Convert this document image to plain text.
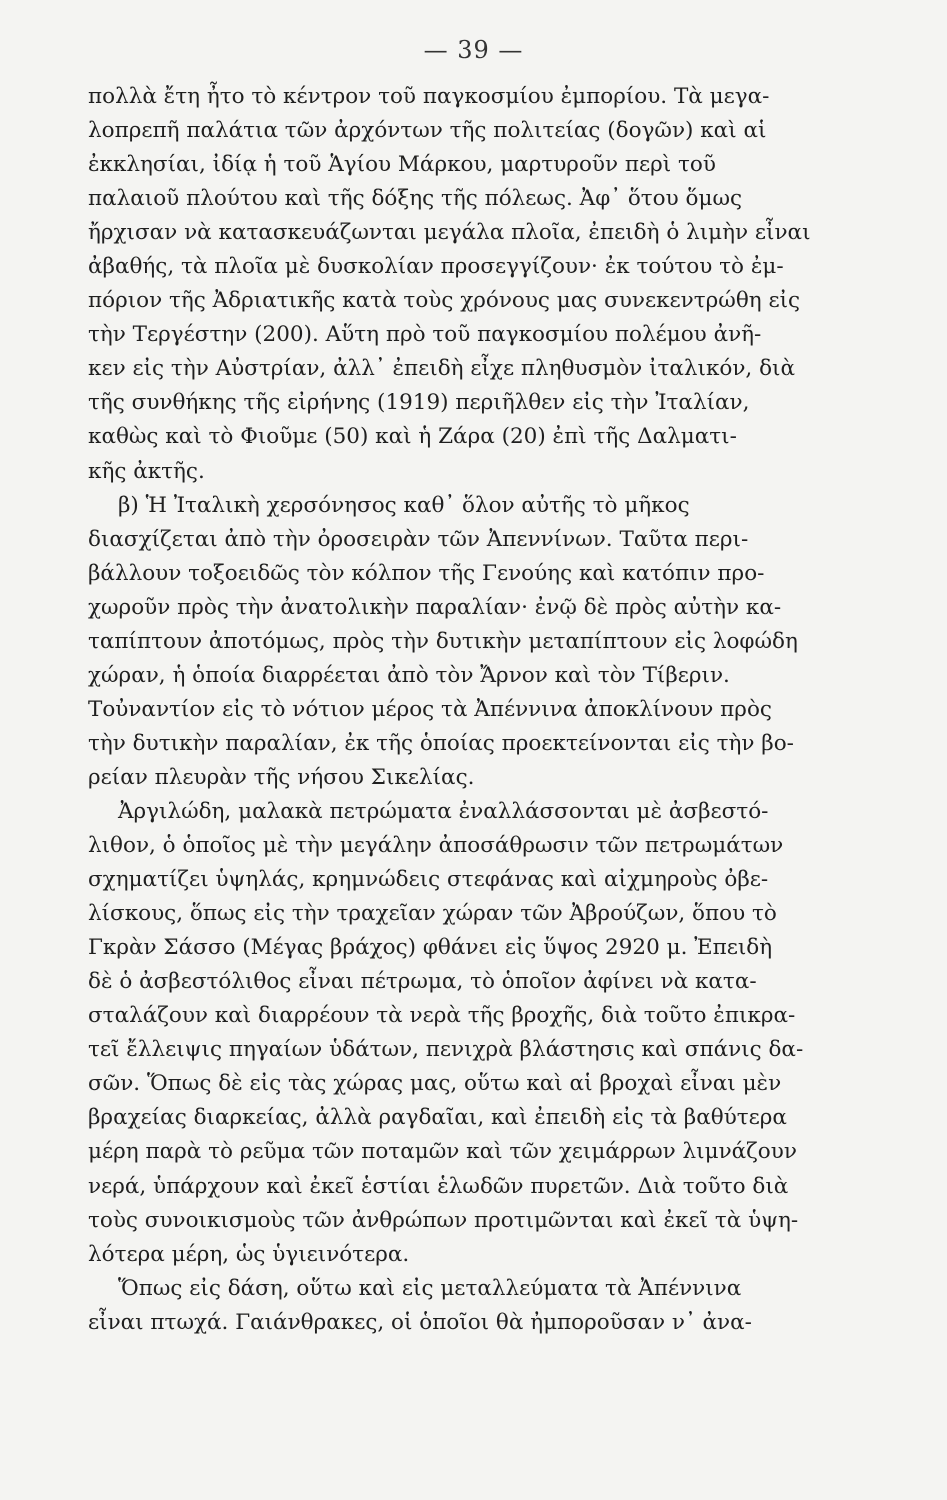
— 39 —

πολλὰ ἔτη ἦτο τὸ κέντρον τοῦ παγκοσμίου ἐμπορίου. Τὰ μεγα-
λοπρεπῆ παλάτια τῶν ἀρχόντων τῆς πολιτείας (δογῶν) καὶ αἱ
ἐκκλησίαι, ἰδίᾳ ἡ τοῦ Ἁγίου Μάρκου, μαρτυροῦν περὶ τοῦ
παλαιοῦ πλούτου καὶ τῆς δόξης τῆς πόλεως. Ἀφ᾽ ὅτου ὅμως
ἤρχισαν νὰ κατασκευάζωνται μεγάλα πλοῖα, ἐπειδὴ ὁ λιμὴν εἶναι
ἀβαθής, τὰ πλοῖα μὲ δυσκολίαν προσεγγίζουν· ἐκ τούτου τὸ ἐμ-
πόριον τῆς Ἀδριατικῆς κατὰ τοὺς χρόνους μας συνεκεντρώθη εἰς
τὴν Τεργέστην (200). Αὕτη πρὸ τοῦ παγκοσμίου πολέμου ἀνῆ-
κεν εἰς τὴν Αὐστρίαν, ἀλλ᾽ ἐπειδὴ εἶχε πληθυσμὸν ἰταλικόν, διὰ
τῆς συνθήκης τῆς εἰρήνης (1919) περιῆλθεν εἰς τὴν Ἰταλίαν,
καθὼς καὶ τὸ Φιοῦμε (50) καὶ ἡ Ζάρα (20) ἐπὶ τῆς Δαλματι-
κῆς ἀκτῆς.

β) Ἡ Ἰταλικὴ χερσόνησος καθ᾽ ὅλον αὐτῆς τὸ μῆκος
διασχίζεται ἀπὸ τὴν ὀροσειρὰν τῶν Ἀπεννίνων. Ταῦτα περι-
βάλλουν τοξοειδῶς τὸν κόλπον τῆς Γενούης καὶ κατόπιν προ-
χωροῦν πρὸς τὴν ἀνατολικὴν παραλίαν· ἐνῷ δὲ πρὸς αὐτὴν κα-
ταπίπτουν ἀποτόμως, πρὸς τὴν δυτικὴν μεταπίπτουν εἰς λοφώδη
χώραν, ἡ ὁποία διαρρέεται ἀπὸ τὸν Ἄρνον καὶ τὸν Τίβεριν.
Τοὐναντίον εἰς τὸ νότιον μέρος τὰ Ἀπέννινα ἀποκλίνουν πρὸς
τὴν δυτικὴν παραλίαν, ἐκ τῆς ὁποίας προεκτείνονται εἰς τὴν βο-
ρείαν πλευρὰν τῆς νήσου Σικελίας.

Ἀργιλώδη, μαλακὰ πετρώματα ἐναλλάσσονται μὲ ἀσβεστό-
λιθον, ὁ ὁποῖος μὲ τὴν μεγάλην ἀποσάθρωσιν τῶν πετρωμάτων
σχηματίζει ὑψηλάς, κρημνώδεις στεφάνας καὶ αἰχμηροὺς ὀβε-
λίσκους, ὅπως εἰς τὴν τραχεῖαν χώραν τῶν Ἀβρούζων, ὅπου τὸ
Γκρὰν Σάσσο (Μέγας βράχος) φθάνει εἰς ὕψος 2920 μ. Ἐπειδὴ
δὲ ὁ ἀσβεστόλιθος εἶναι πέτρωμα, τὸ ὁποῖον ἀφίνει νὰ κατα-
σταλάζουν καὶ διαρρέουν τὰ νερὰ τῆς βροχῆς, διὰ τοῦτο ἐπικρα-
τεῖ ἔλλειψις πηγαίων ὑδάτων, πενιχρὰ βλάστησις καὶ σπάνις δα-
σῶν. Ὅπως δὲ εἰς τὰς χώρας μας, οὕτω καὶ αἱ βροχαὶ εἶναι μὲν
βραχείας διαρκείας, ἀλλὰ ραγδαῖαι, καὶ ἐπειδὴ εἰς τὰ βαθύτερα
μέρη παρὰ τὸ ρεῦμα τῶν ποταμῶν καὶ τῶν χειμάρρων λιμνάζουν
νερά, ὑπάρχουν καὶ ἐκεῖ ἑστίαι ἑλωδῶν πυρετῶν. Διὰ τοῦτο διὰ
τοὺς συνοικισμοὺς τῶν ἀνθρώπων προτιμῶνται καὶ ἐκεῖ τὰ ὑψη-
λότερα μέρη, ὡς ὑγιεινότερα.

Ὅπως εἰς δάση, οὕτω καὶ εἰς μεταλλεύματα τὰ Ἀπέννινα
εἶναι πτωχά. Γαιάνθρακες, οἱ ὁποῖοι θὰ ἠμποροῦσαν ν᾽ ἀνα-
